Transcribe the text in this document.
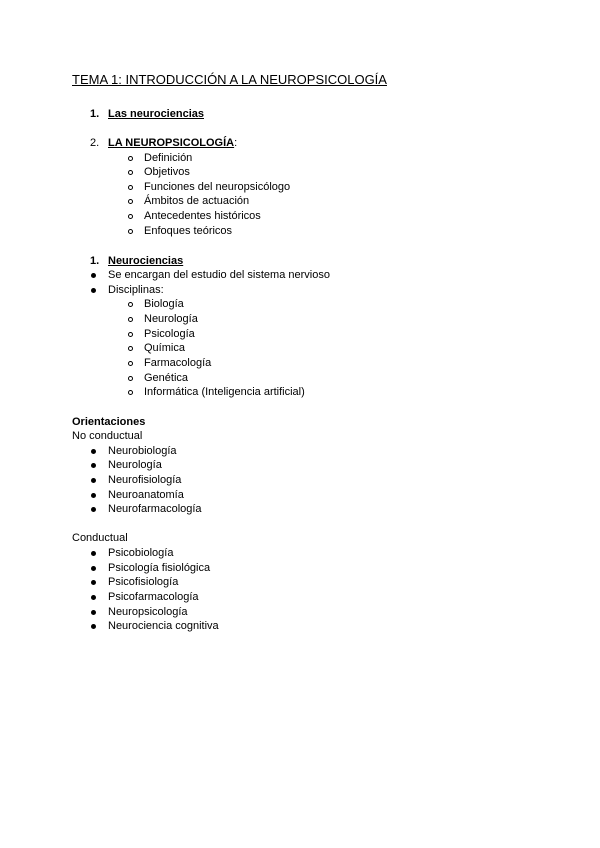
TEMA 1: INTRODUCCIÓN A LA NEUROPSICOLOGÍA
1. Las neurociencias
2. LA NEUROPSICOLOGÍA:
Definición
Objetivos
Funciones del neuropsicólogo
Ámbitos de actuación
Antecedentes históricos
Enfoques teóricos
1. Neurociencias
Se encargan del estudio del sistema nervioso
Disciplinas:
Biología
Neurología
Psicología
Química
Farmacología
Genética
Informática (Inteligencia artificial)
Orientaciones
No conductual
Neurobiología
Neurología
Neurofisiología
Neuroanatomía
Neurofarmacología
Conductual
Psicobiología
Psicología fisiológica
Psicofisiología
Psicofarmacología
Neuropsicología
Neurociencia cognitiva
